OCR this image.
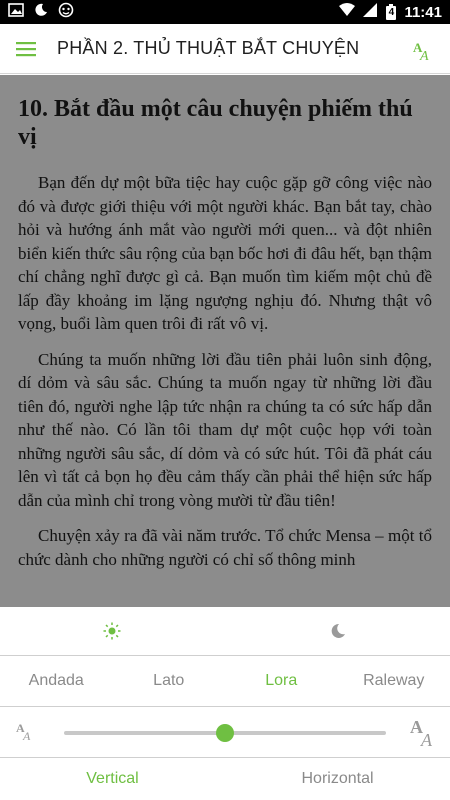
4 11:41
PHẦN 2. THỦ THUẬT BẮT CHUYỆN	A
A
10. Bắt đầu một câu chuyện phiếm thú vị

Bạn đến dự một bữa tiệc hay cuộc gặp gỡ công việc nào đó và được giới thiệu với một người khác. Bạn bắt tay, chào hỏi và hướng ánh mắt vào người mới quen... và đột nhiên biển kiến thức sâu rộng của bạn bốc hơi đi đâu hết, bạn thậm chí chẳng nghĩ được gì cả. Bạn muốn tìm kiếm một chủ đề lấp đầy khoảng im lặng ngượng nghịu đó. Nhưng thật vô vọng, buổi làm quen trôi đi rất vô vị.

Chúng ta muốn những lời đầu tiên phải luôn sinh động, dí dỏm và sâu sắc. Chúng ta muốn ngay từ những lời đầu tiên đó, người nghe lập tức nhận ra chúng ta có sức hấp dẫn như thế nào. Có lần tôi tham dự một cuộc họp với toàn những người sâu sắc, dí dỏm và có sức hút. Tôi đã phát cáu lên vì tất cả bọn họ đều cảm thấy cần phải thể hiện sức hấp dẫn của mình chỉ trong vòng mười từ đầu tiên!

Chuyện xảy ra đã vài năm trước. Tổ chức Mensa – một tổ chức dành cho những người có chỉ số thông minh

Andada	Lato	Lora	Raleway
A
A	A
A
Vertical	Horizontal
